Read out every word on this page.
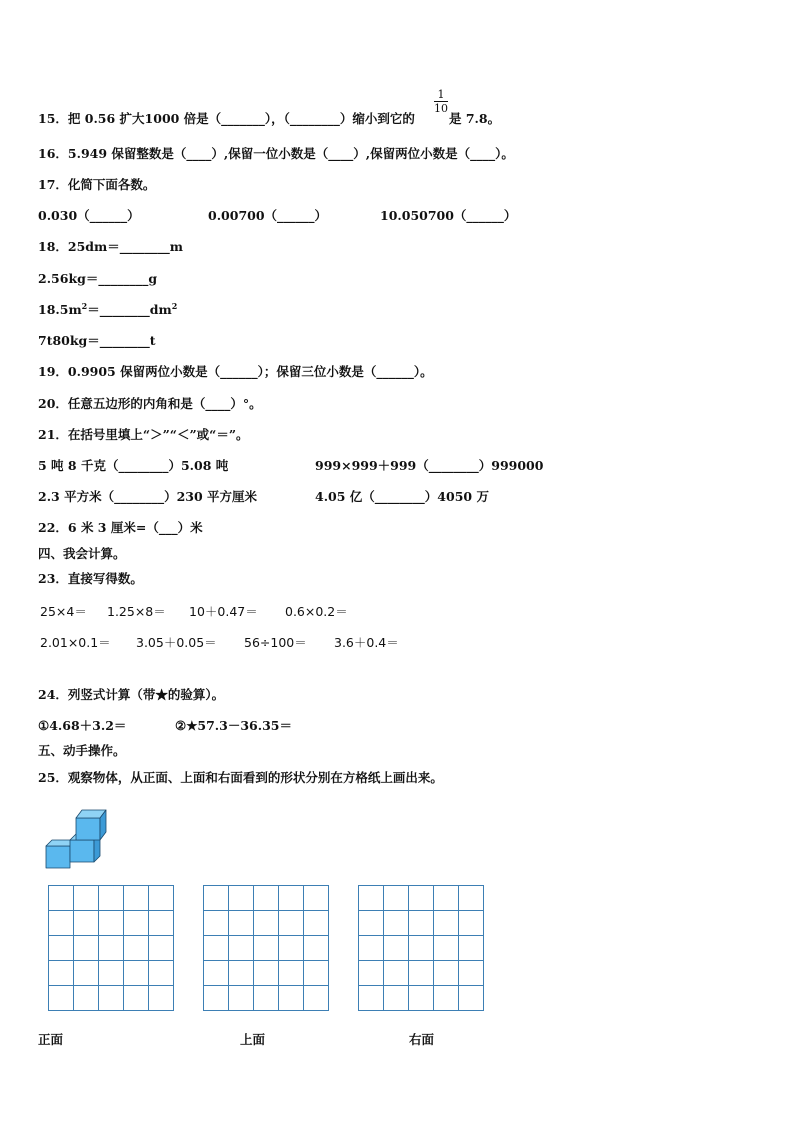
15．把 0.56 扩大1000 倍是（_______），（________）缩小到它的
$\frac{1}{10}$
是 7.8。
16．5.949 保留整数是（____）,保留一位小数是（____）,保留两位小数是（____）。
17．化简下面各数。
0.030（______）	0.00700（______）	10.050700（______）
18．25dm＝________m
2.56kg＝________g
$18.5m^2=\_\_\_\_\_\_\_\_dm^2$
7t80kg＝________t
19．0.9905 保留两位小数是（______）；保留三位小数是（______）。
20．任意五边形的内角和是（____）°。
21．在括号里填上“＞”“＜”或“＝”。
5 吨 8 千克（________）5.08 吨	999×999＋999（________）999000
2.3 平方米（________）230 平方厘米	4.05 亿（________）4050 万
22．6 米 3 厘米=（___）米
四、我会计算。
23．直接写得数。
25×4＝ 1.25×8＝ 10＋0.47＝ 0.6×0.2＝
2.01×0.1＝ 3.05＋0.05＝ 56÷100＝ 3.6＋0.4＝
24．列竖式计算（带★的验算）。
①4.68＋3.2＝	②★57.3－36.35＝
五、动手操作。
25．观察物体，从正面、上面和右面看到的形状分别在方格纸上画出来。
正面	上面	右面
